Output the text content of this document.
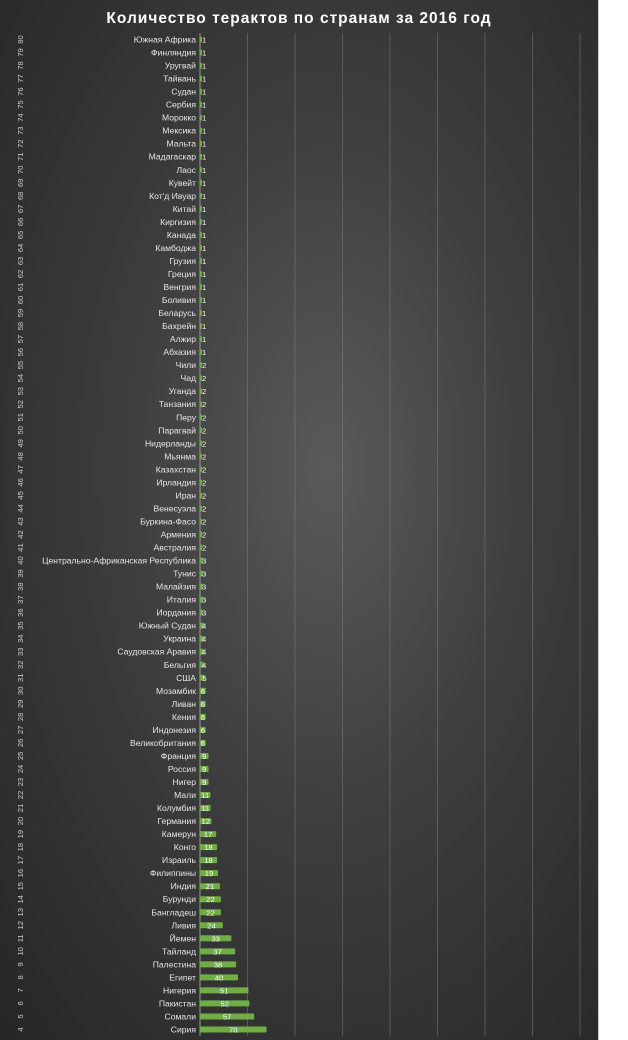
Количество терактов по странам за 2016 год
Сирия	70
4
Сомали	57
5
Пакистан	52
6
Нигерия	51
7
Египет 40
8
Палестина 38
9
Тайланд 37
10
Йемен 33
11
Ливия 24
12
Бангладеш 22
13
Бурунди 22
14
Индия 21
15
Филиппины 19
16
Израиль 18
17
Конго 18
18
Камерун 17
19
Германия 12
20
Колумбия 11
21
Мали 11
22
Нигер 9
23
Россия 9
24
Франция 9
25
Великобритания 6
26
Индонезия 6
27
Кения 6
28
Ливан 6
29
Мозамбик 6
30
США 5
31
Бельгия 4
32
Саудовская Аравия 4
33
Украина 4
34
Южный Судан 4
35
Иордания 3
36
Италия 3
37
Малайзия 3
38
Тунис 3
39
Центрально-Африканская Республика 3
40
Австралия 2
41
Армения 2
42
Буркина-Фасо 2
43
Венесуэла 2
44
Иран 2
45
Ирландия 2
46
Казахстан 2
47
Мьянма 2
48
Нидерланды 2
49
Парагвай 2
50
Перу 2
51
Танзания 2
52
Уганда 2
53
Чад 2
54
Чили 2
55
Абхазия 1
56
Алжир 1
57
Бахрейн 1
58
Беларусь 1
59
Боливия 1
60
Венгрия 1
61
Греция 1
62
Грузия 1
63
Камбоджа 1
64
Канада 1
65
Киргизия 1
66
Китай 1
67
Кот'д Ивуар 1
68
Кувейт 1
69
Лаос 1
70
Мадагаскар 1
71
Мальта 1
72
Мексика 1
73
Морокко 1
74
Сербия 1
75
Судан 1
76
Тайвань 1
77
Уругвай 1
78
Финляндия 1
79
Южная Африка 1
80
